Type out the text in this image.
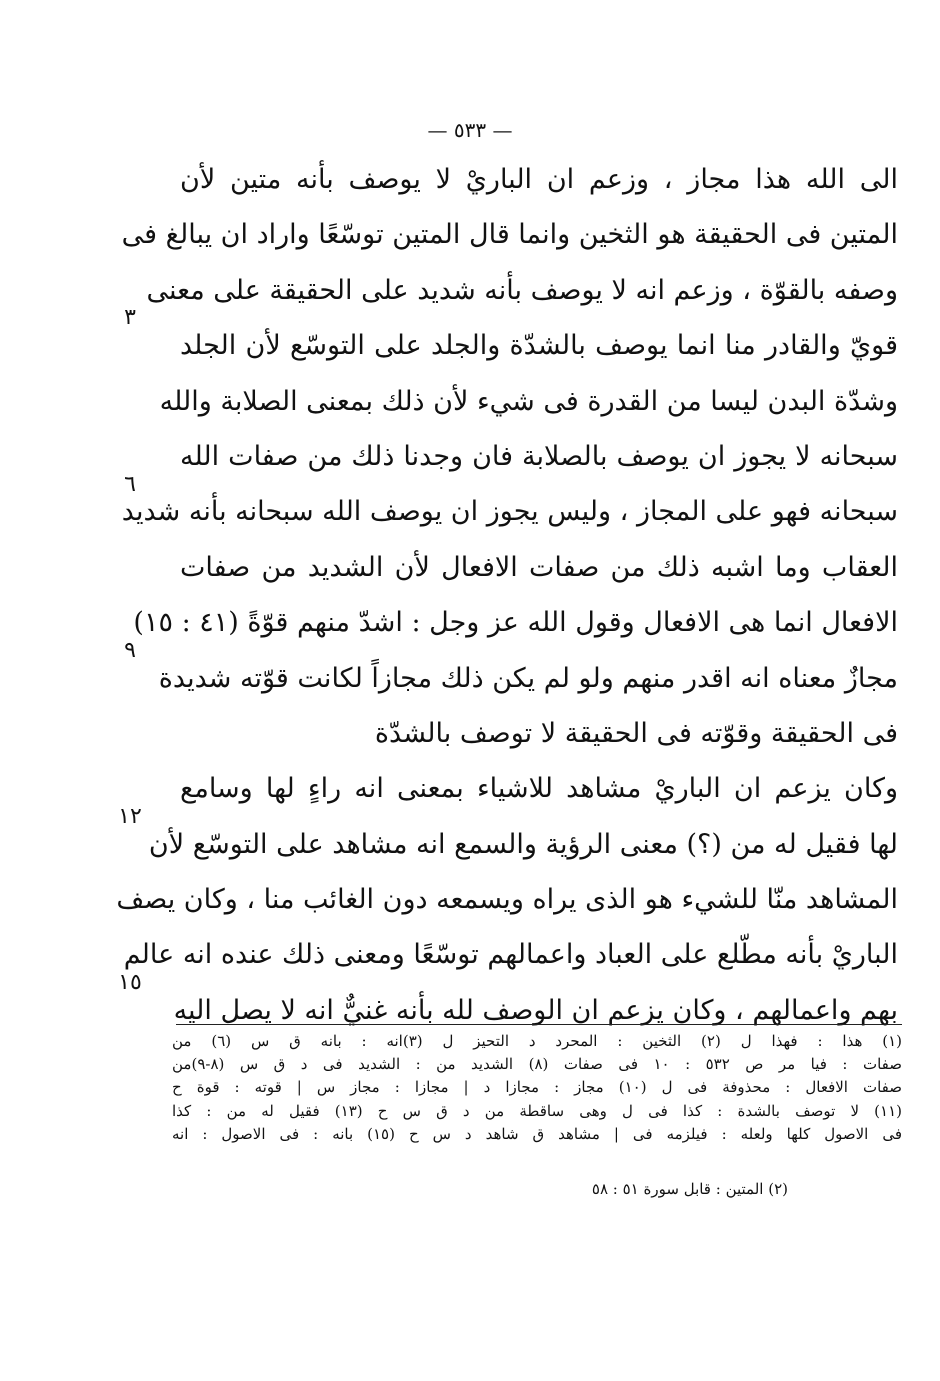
— ٥٣٣ —
الى الله هذا مجاز ، وزعم ان الباريْ لا يوصف بأنه متين لأن
المتين فى الحقيقة هو الثخين وانما قال المتين توسّعًا واراد ان يبالغ فى
وصفه بالقوّة ، وزعم انه لا يوصف بأنه شديد على الحقيقة على معنى
قويّ والقادر منا انما يوصف بالشدّة والجلد على التوسّع لأن الجلد
وشدّة البدن ليسا من القدرة فى شيء لأن ذلك بمعنى الصلابة والله
سبحانه لا يجوز ان يوصف بالصلابة فان وجدنا ذلك من صفات الله
سبحانه فهو على المجاز ، وليس يجوز ان يوصف الله سبحانه بأنه شديد
العقاب وما اشبه ذلك من صفات الافعال لأن الشديد من صفات
الافعال انما هى الافعال وقول الله عز وجل : اشدّ منهم قوّةً (٤١ : ١٥)
مجازٌ معناه انه اقدر منهم ولو لم يكن ذلك مجازاً لكانت قوّته شديدة
فى الحقيقة وقوّته فى الحقيقة لا توصف بالشدّة
وكان يزعم ان الباريْ مشاهد للاشياء بمعنى انه راءٍ لها وسامع
لها فقيل له من (؟) معنى الرؤية والسمع انه مشاهد على التوسّع لأن
المشاهد منّا للشيء هو الذى يراه ويسمعه دون الغائب منا ، وكان يصف
الباريْ بأنه مطّلع على العباد واعمالهم توسّعًا ومعنى ذلك عنده انه عالم
بهم واعمالهم ، وكان يزعم ان الوصف لله بأنه غنيٌّ انه لا يصل اليه
٣
٦
٩
١٢
١٥
(١) هذا : فهذا ل (٢) الثخين : المحرد د التحيز ل (٣)انه : بانه ق س (٦) من
صفات : فيا مر ص ٥٣٢ : ١٠ فى صفات (٨) الشديد من : الشديد فى د ق س (٨-٩)من
صفات الافعال : محذوفة فى ل (١٠) مجاز : مجازا د | مجازا : مجاز س | قوته : قوة ح
(١١) لا توصف بالشدة : كذا فى ل وهى ساقطة من د ق س ح (١٣) فقيل له من : كذا
فى الاصول كلها ولعله : فيلزمه فى | مشاهد ق شاهد د س ح (١٥) بانه : فى الاصول : انه
(٢) المتين : قابل سورة ٥١ : ٥٨
